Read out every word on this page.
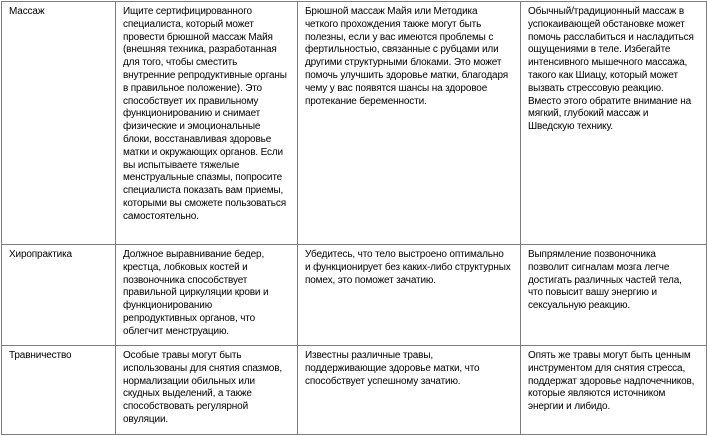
Массаж	Ищите сертифицированного специалиста, который может провести брюшной массаж Майя (внешняя техника, разработанная для того, чтобы сместить внутренние репродуктивные органы в правильное положение). Это способствует их правильному функционированию и снимает физические и эмоциональные блоки, восстанавливая здоровье матки и окружающих органов. Если вы испытываете тяжелые менструальные спазмы, попросите специалиста показать вам приемы, которыми вы сможете пользоваться самостоятельно.	Брюшной массаж Майя или Методика четкого прохождения также могут быть полезны, если у вас имеются проблемы с фертильностью, связанные с рубцами или другими структурными блоками. Это может помочь улучшить здоровье матки, благодаря чему у вас появятся шансы на здоровое протекание беременности.	Обычный/традиционный массаж в успокаивающей обстановке может помочь расслабиться и насладиться ощущениями в теле. Избегайте интенсивного мышечного массажа, такого как Шиацу, который может вызвать стрессовую реакцию. Вместо этого обратите внимание на мягкий, глубокий массаж и Шведскую технику.
Хиропрактика	Должное выравнивание бедер, крестца, лобковых костей и позвоночника способствует правильной циркуляции крови и функционированию репродуктивных органов, что облегчит менструацию.	Убедитесь, что тело выстроено оптимально и функционирует без каких-либо структурных помех, это поможет зачатию.	Выпрямление позвоночника позволит сигналам мозга легче достигать различных частей тела, что повысит вашу энергию и сексуальную реакцию.
Травничество	Особые травы могут быть использованы для снятия спазмов, нормализации обильных или скудных выделений, а также способствовать регулярной овуляции.	Известны различные травы, поддерживающие здоровье матки, что способствует успешному зачатию.	Опять же травы могут быть ценным инструментом для снятия стресса, поддержат здоровье надпочечников, которые являются источником энергии и либидо.
